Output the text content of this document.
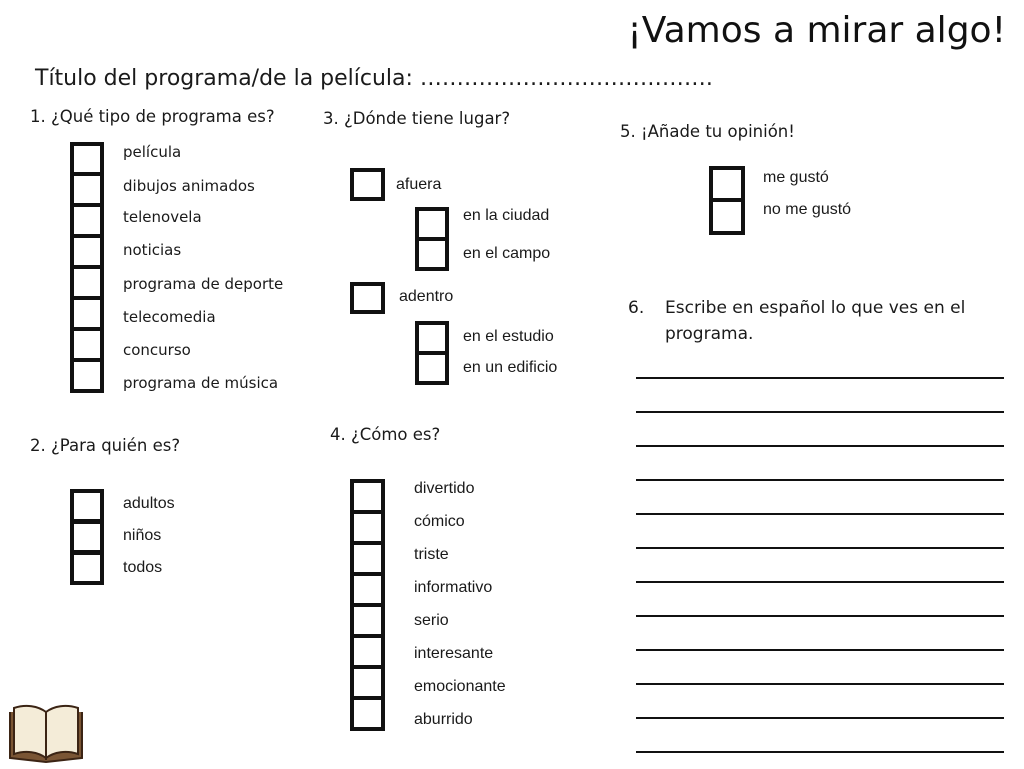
¡Vamos a mirar algo!
Título del programa/de la película: ………………………………….
1. ¿Qué tipo de programa es?
película
dibujos animados
telenovela
noticias
programa de deporte
telecomedia
concurso
programa de música
2. ¿Para quién es?
adultos
niños
todos
3. ¿Dónde tiene lugar?
afuera
en la ciudad
en el campo
adentro
en el estudio
en un edificio
4. ¿Cómo es?
divertido
cómico
triste
informativo
serio
interesante
emocionante
aburrido
5. ¡Añade tu opinión!
me gustó
no me gustó
6. Escribe en español lo que ves en el programa.
